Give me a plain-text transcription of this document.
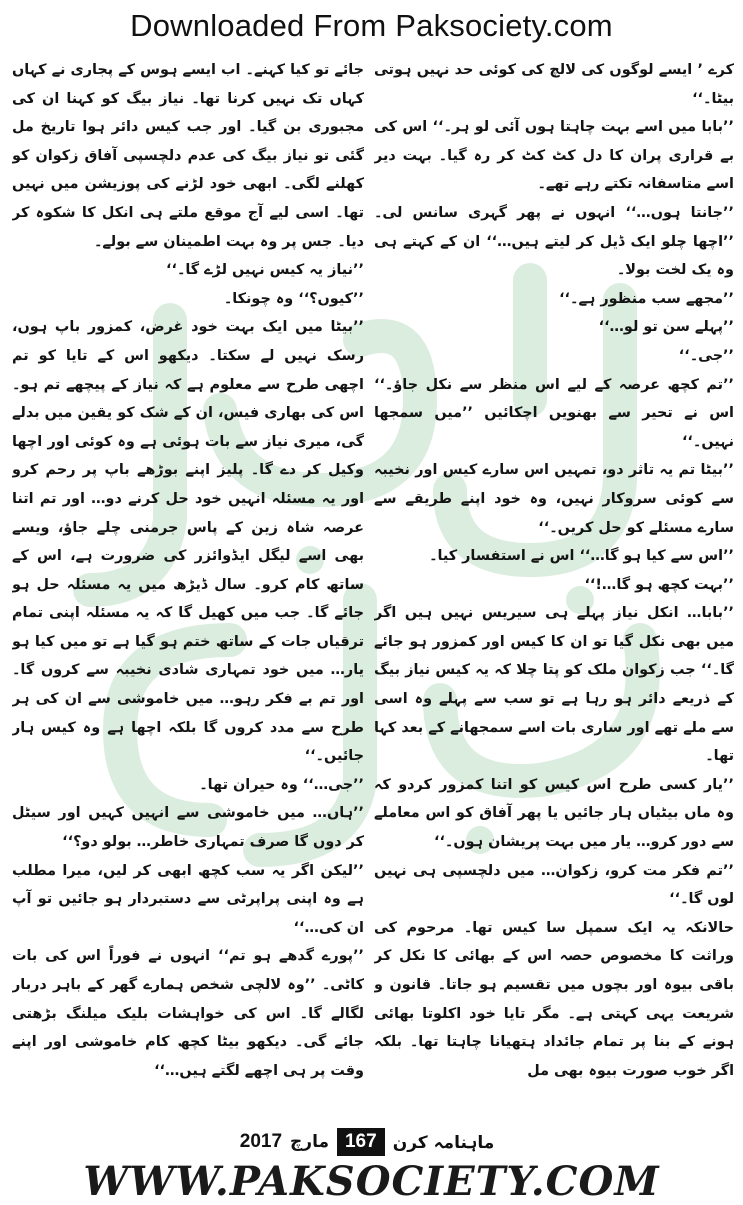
Downloaded From Paksociety.com

کرے ٬ ایسے لوگوں کی لالچ کی کوئی حد نہیں ہوتی بیٹا۔‘‘

’’بابا میں اسے بہت چاہتا ہوں آئی لو ہر۔‘‘ اس کی بے قراری پران کا دل کٹ کٹ کر رہ گیا۔ بہت دیر اسے متاسفانہ تکتے رہے تھے۔

’’جانتا ہوں…‘‘ انہوں نے پھر گہری سانس لی۔ ’’اچھا چلو ایک ڈیل کر لیتے ہیں…‘‘ ان کے کہتے ہی وہ یک لخت بولا۔

’’مجھے سب منظور ہے۔‘‘

’’پہلے سن تو لو…‘‘

’’جی۔‘‘

’’تم کچھ عرصہ کے لیے اس منظر سے نکل جاؤ۔‘‘ اس نے تحیر سے بھنویں اچکائیں ’’میں سمجھا نہیں۔‘‘

’’بیٹا تم یہ تاثر دو، تمہیں اس سارے کیس اور نخیبہ سے کوئی سروکار نہیں، وہ خود اپنے طریقے سے سارے مسئلے کو حل کریں۔‘‘

’’اس سے کیا ہو گا…‘‘ اس نے استفسار کیا۔

’’بہت کچھ ہو گا…!‘‘

’’بابا… انکل نیاز پہلے ہی سیریس نہیں ہیں اگر میں بھی نکل گیا تو ان کا کیس اور کمزور ہو جائے گا۔‘‘ جب زکوان ملک کو پتا چلا کہ یہ کیس نیاز بیگ کے ذریعے دائر ہو رہا ہے تو سب سے پہلے وہ اسی سے ملے تھے اور ساری بات اسے سمجھانے کے بعد کہا تھا۔

’’یار کسی طرح اس کیس کو اتنا کمزور کردو کہ وہ ماں بیٹیاں ہار جائیں یا پھر آفاق کو اس معاملے سے دور کرو… یار میں بہت پریشان ہوں۔‘‘

’’تم فکر مت کرو، زکوان… میں دلچسپی ہی نہیں لوں گا۔‘‘

حالانکہ یہ ایک سمپل سا کیس تھا۔ مرحوم کی وراثت کا مخصوص حصہ اس کے بھائی کا نکل کر باقی بیوہ اور بچوں میں تقسیم ہو جاتا۔ قانون و شریعت یہی کہتی ہے۔ مگر تایا خود اکلوتا بھائی ہونے کے بنا پر تمام جائداد ہتھیانا چاہتا تھا۔ بلکہ اگر خوب صورت بیوہ بھی مل

جائے تو کیا کہنے۔ اب ایسے ہوس کے پجاری نے کہاں کہاں تک نہیں کرنا تھا۔ نیاز بیگ کو کہنا ان کی مجبوری بن گیا۔ اور جب کیس دائر ہوا تاریخ مل گئی تو نیاز بیگ کی عدم دلچسپی آفاق زکوان کو کھلنے لگی۔ ابھی خود لڑنے کی پوزیشن میں نہیں تھا۔ اسی لیے آج موقع ملتے ہی انکل کا شکوہ کر دیا۔ جس پر وہ بہت اطمینان سے بولے۔

’’نیاز یہ کیس نہیں لڑے گا۔‘‘

’’کیوں؟‘‘ وہ چونکا۔

’’بیٹا میں ایک بہت خود غرض، کمزور باپ ہوں، رسک نہیں لے سکتا۔ دیکھو اس کے تایا کو تم اچھی طرح سے معلوم ہے کہ نیاز کے پیچھے تم ہو۔ اس کی بھاری فیس، ان کے شک کو یقین میں بدلے گی، میری نیاز سے بات ہوئی ہے وہ کوئی اور اچھا وکیل کر دے گا۔ پلیز اپنے بوڑھے باپ پر رحم کرو اور یہ مسئلہ انہیں خود حل کرنے دو… اور تم اتنا عرصہ شاہ زین کے پاس جرمنی چلے جاؤ، ویسے بھی اسے لیگل ایڈوائزر کی ضرورت ہے، اس کے ساتھ کام کرو۔ سال ڈیڑھ میں یہ مسئلہ حل ہو جائے گا۔ جب میں کھیل گا کہ یہ مسئلہ اپنی تمام ترقیاں جات کے ساتھ ختم ہو گیا ہے تو میں کیا ہو یار… میں خود تمہاری شادی نخیبہ سے کروں گا۔ اور تم بے فکر رہو… میں خاموشی سے ان کی ہر طرح سے مدد کروں گا بلکہ اچھا ہے وہ کیس ہار جائیں۔‘‘

’’جی…‘‘ وہ حیران تھا۔

’’ہاں… میں خاموشی سے انہیں کہیں اور سیٹل کر دوں گا صرف تمہاری خاطر… بولو دو؟‘‘

’’لیکن اگر یہ سب کچھ ابھی کر لیں، میرا مطلب ہے وہ اپنی پراپرٹی سے دستبردار ہو جائیں تو آپ ان کی…‘‘

’’پورے گدھے ہو تم‘‘ انہوں نے فوراً اس کی بات کاٹی۔ ’’وہ لالچی شخص ہمارے گھر کے باہر دربار لگالے گا۔ اس کی خواہشات بلیک میلنگ بڑھتی جائے گی۔ دیکھو بیٹا کچھ کام خاموشی اور اپنے وقت پر ہی اچھے لگتے ہیں…‘‘

ماہنامہ کرن
167
مارچ
2017
WWW.PAKSOCIETY.COM
